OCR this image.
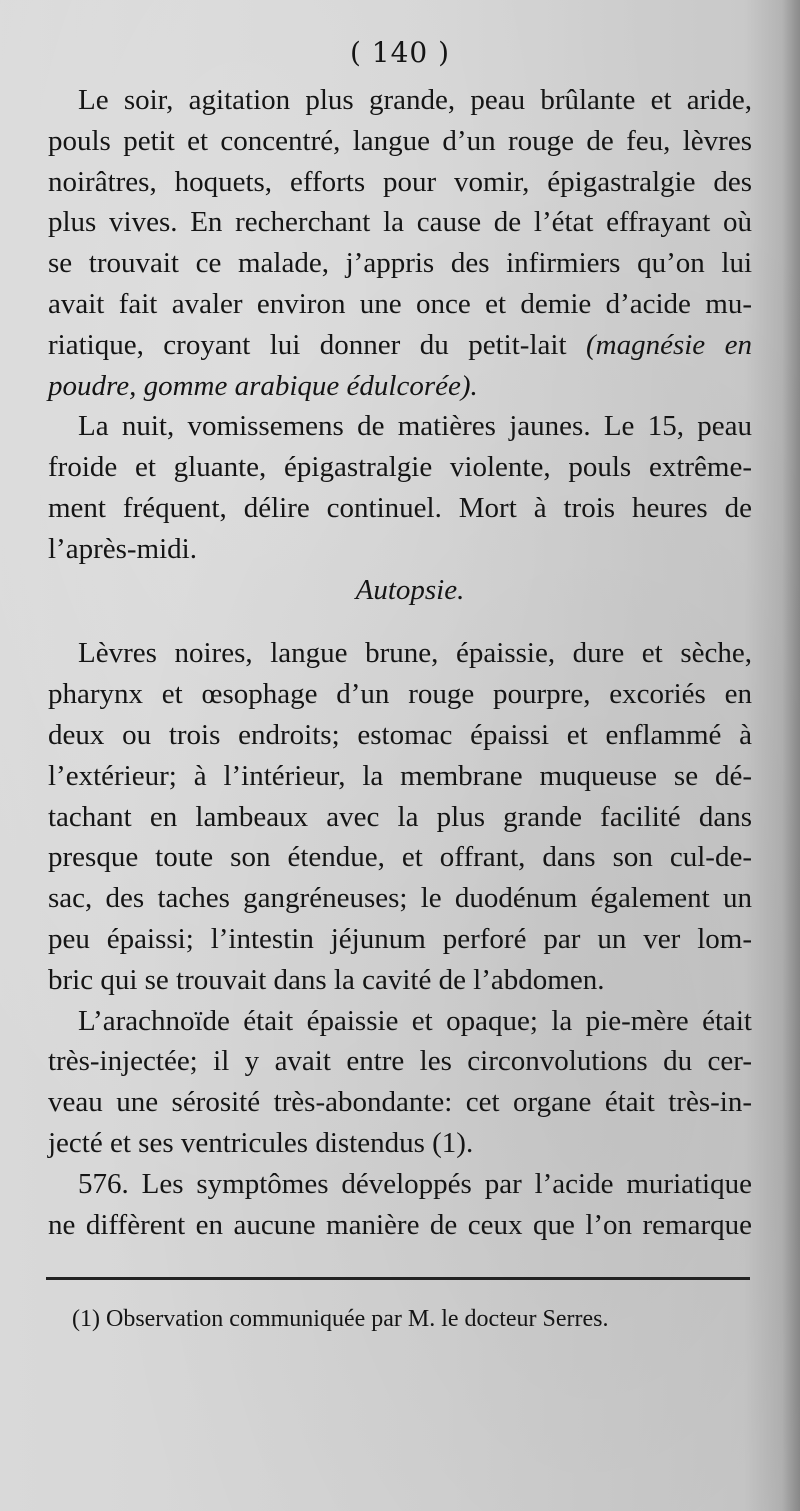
( 140 )
Le soir, agitation plus grande, peau brûlante et aride,
pouls petit et concentré, langue d’un rouge de feu, lèvres
noirâtres, hoquets, efforts pour vomir, épigastralgie des
plus vives. En recherchant la cause de l’état effrayant où
se trouvait ce malade, j’appris des infirmiers qu’on lui
avait fait avaler environ une once et demie d’acide mu-
riatique, croyant lui donner du petit-lait (magnésie en
poudre, gomme arabique édulcorée).
La nuit, vomissemens de matières jaunes. Le 15, peau
froide et gluante, épigastralgie violente, pouls extrême-
ment fréquent, délire continuel. Mort à trois heures de
l’après-midi.
Autopsie.
Lèvres noires, langue brune, épaissie, dure et sèche,
pharynx et œsophage d’un rouge pourpre, excoriés en
deux ou trois endroits; estomac épaissi et enflammé à
l’extérieur; à l’intérieur, la membrane muqueuse se dé-
tachant en lambeaux avec la plus grande facilité dans
presque toute son étendue, et offrant, dans son cul-de-
sac, des taches gangréneuses; le duodénum également un
peu épaissi; l’intestin jéjunum perforé par un ver lom-
bric qui se trouvait dans la cavité de l’abdomen.
L’arachnoïde était épaissie et opaque; la pie-mère était
très-injectée; il y avait entre les circonvolutions du cer-
veau une sérosité très-abondante: cet organe était très-in-
jecté et ses ventricules distendus (1).
576. Les symptômes développés par l’acide muriatique
ne diffèrent en aucune manière de ceux que l’on remarque
(1) Observation communiquée par M. le docteur Serres.
